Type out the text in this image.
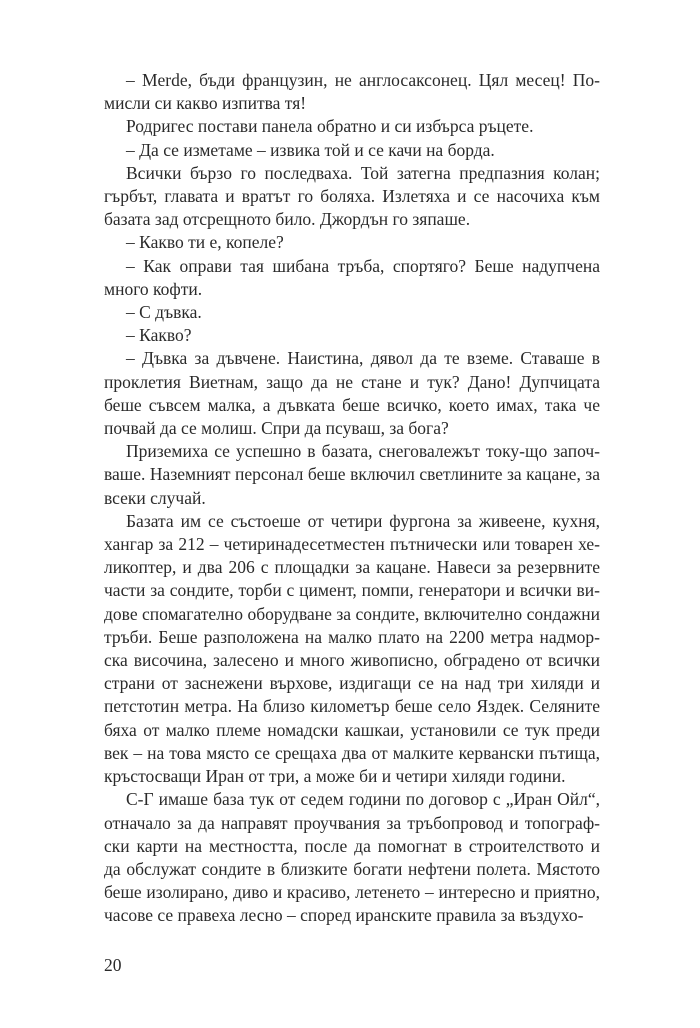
– Merde, бъди французин, не англосаксонец. Цял месец! По-
мисли си какво изпитва тя!
Родригес постави панела обратно и си избърса ръцете.
– Да се изметаме – извика той и се качи на борда.
Всички бързо го последваха. Той затегна предпазния колан;
гърбът, главата и вратът го боляха. Излетяха и се насочиха към
базата зад отсрещното било. Джордън го зяпаше.
– Какво ти е, копеле?
– Как оправи тая шибана тръба, спортяго? Беше надупчена
много кофти.
– С дъвка.
– Какво?
– Дъвка за дъвчене. Наистина, дявол да те вземе. Ставаше в
проклетия Виетнам, защо да не стане и тук? Дано! Дупчицата
беше съвсем малка, а дъвката беше всичко, което имах, така че
почвай да се молиш. Спри да псуваш, за бога?
Приземиха се успешно в базата, снеговалежът току-що започ-
ваше. Наземният персонал беше включил светлините за кацане, за
всеки случай.
Базата им се състоеше от четири фургона за живеене, кухня,
хангар за 212 – четиринадесетместен пътнически или товарен хе-
ликоптер, и два 206 с площадки за кацане. Навеси за резервните
части за сондите, торби с цимент, помпи, генератори и всички ви-
дове спомагателно оборудване за сондите, включително сондажни
тръби. Беше разположена на малко плато на 2200 метра надмор-
ска височина, залесено и много живописно, обградено от всички
страни от заснежени върхове, издигащи се на над три хиляди и
петстотин метра. На близо километър беше село Яздек. Селяните
бяха от малко племе номадски кашкаи, установили се тук преди
век – на това място се срещаха два от малките кервански пътища,
кръстосващи Иран от три, а може би и четири хиляди години.
С-Г имаше база тук от седем години по договор с „Иран Ойл“,
отначало за да направят проучвания за тръбопровод и топограф-
ски карти на местността, после да помогнат в строителството и
да обслужат сондите в близките богати нефтени полета. Мястото
беше изолирано, диво и красиво, летенето – интересно и приятно,
часове се правеха лесно – според иранските правила за въздухо-
20
